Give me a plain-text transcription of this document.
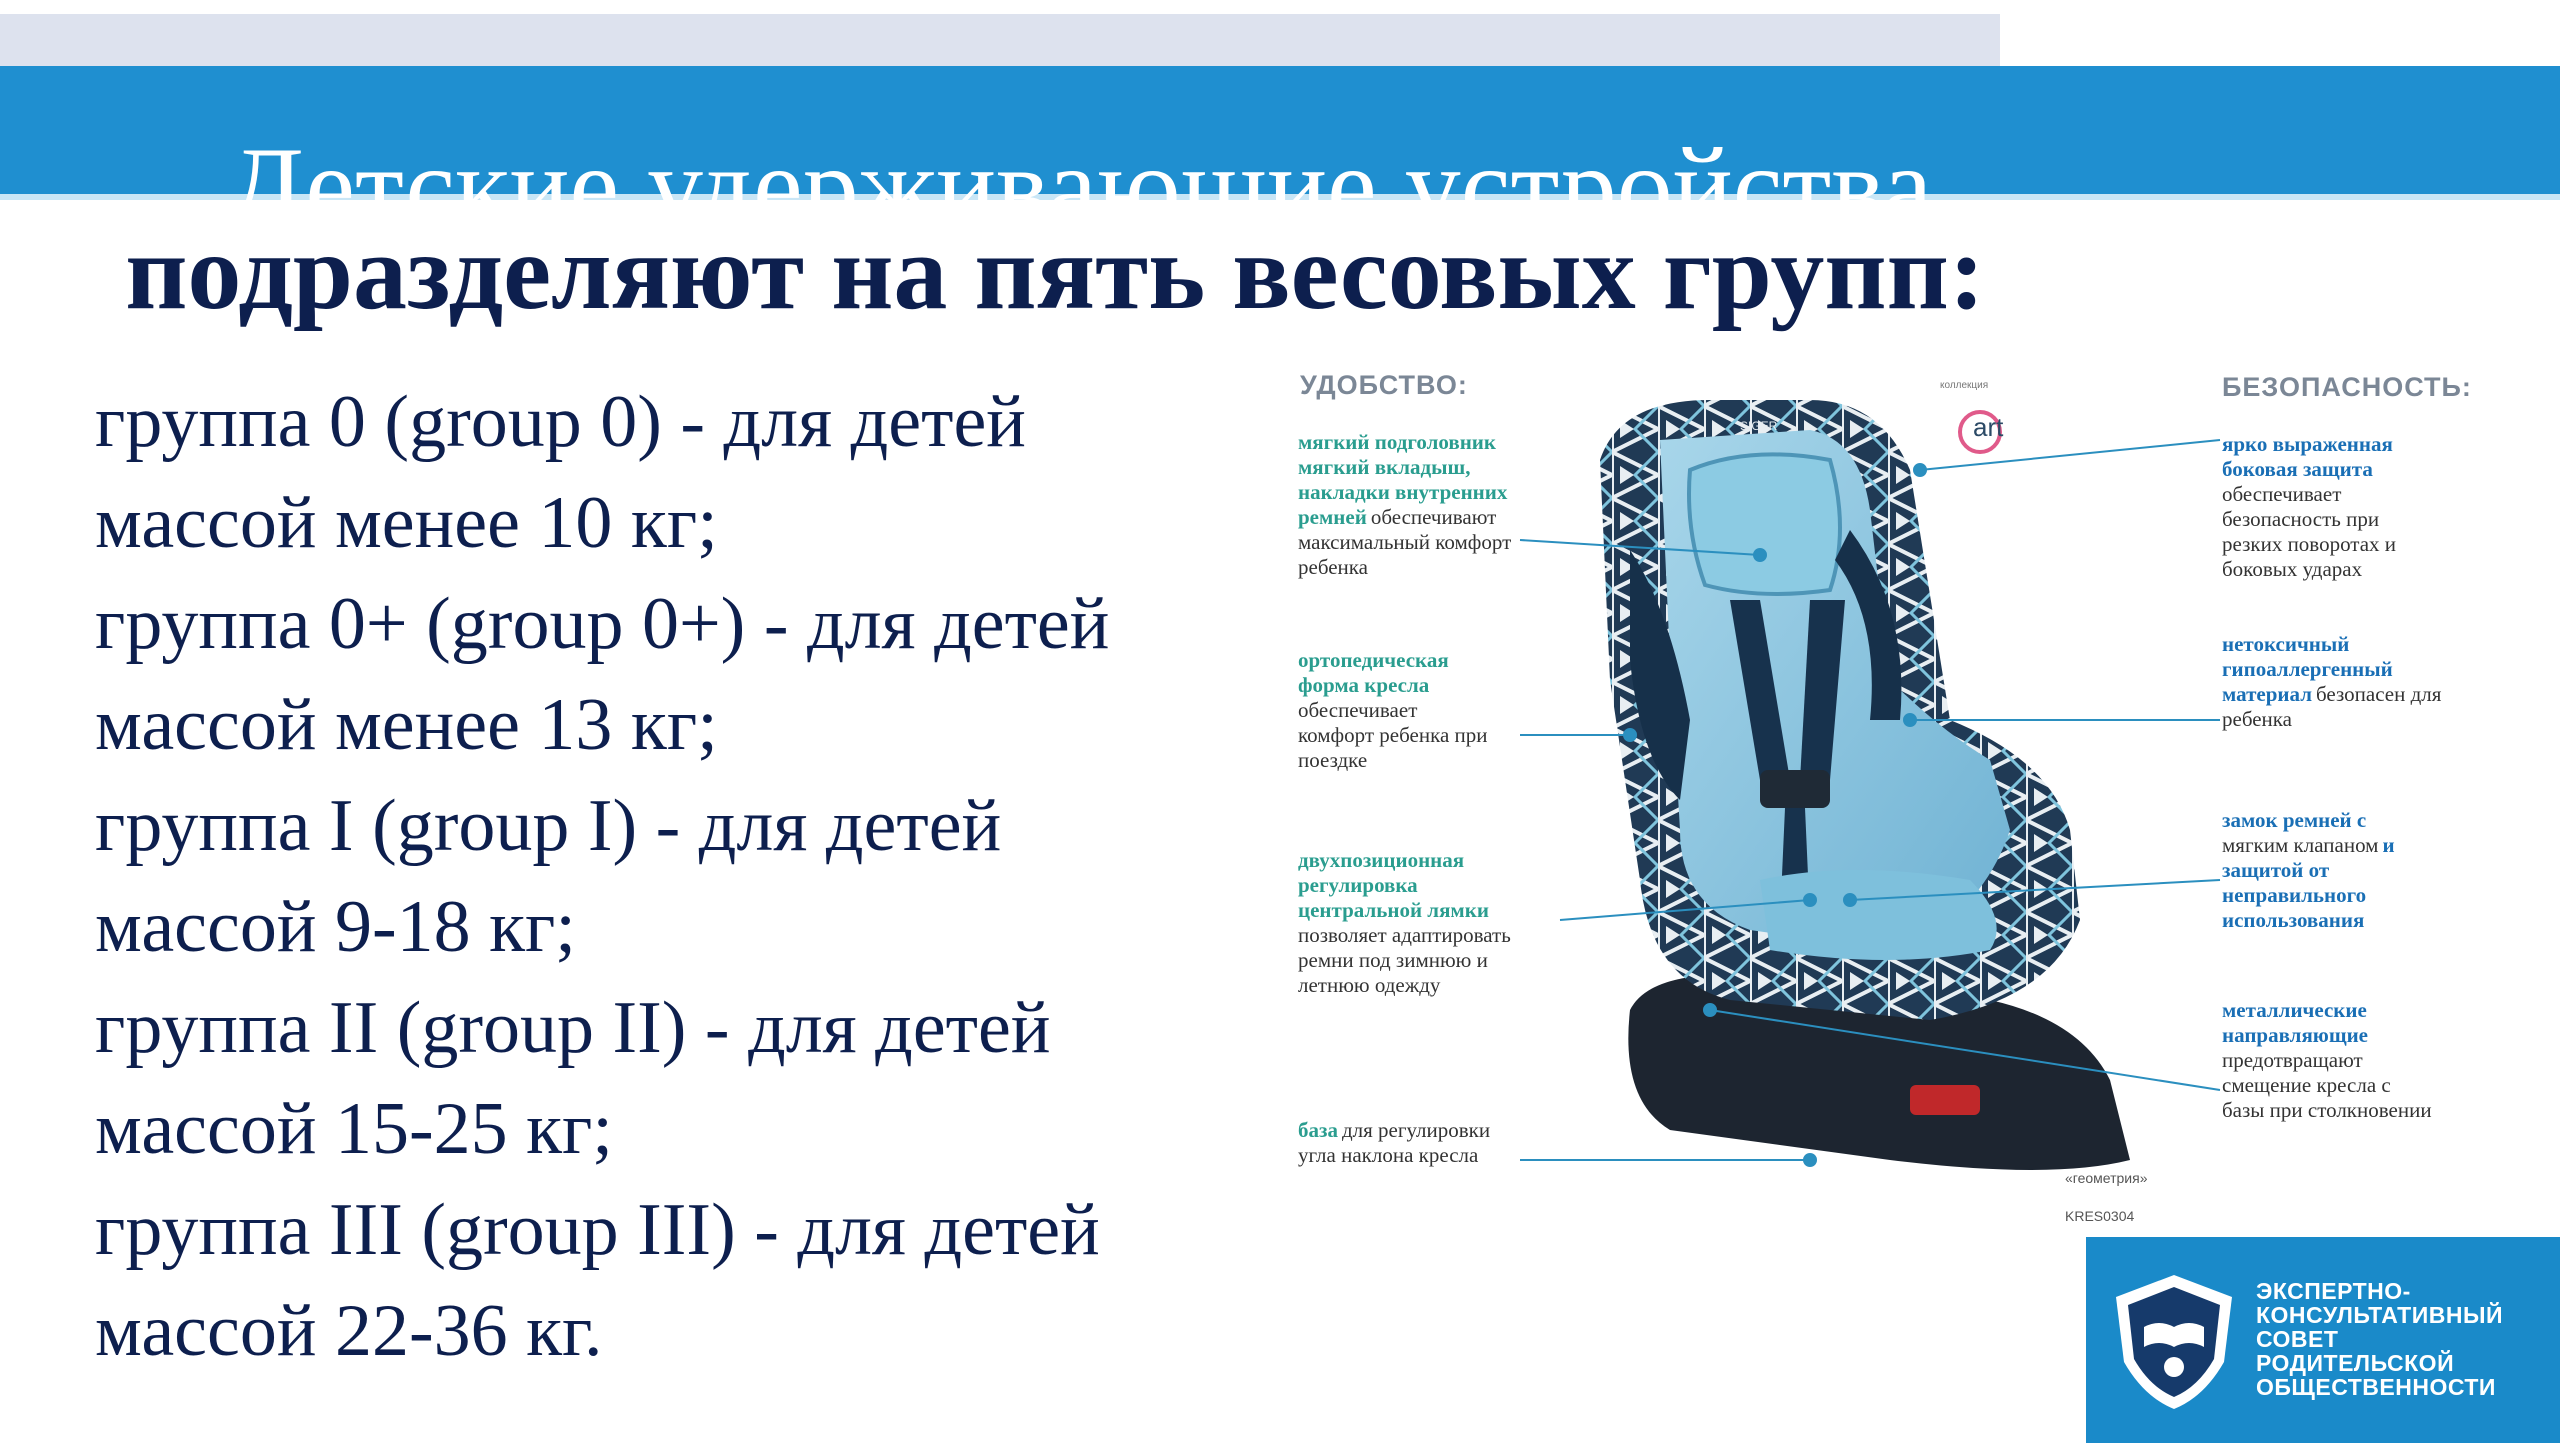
Детские удерживающие устройства
подразделяют на пять весовых групп:
группа 0 (group 0) - для детей
массой менее 10 кг;
группа 0+ (group 0+) - для детей
массой менее 13 кг;
группа I (group I) - для детей
массой 9-18 кг;
группа II (group II) - для детей
массой 15-25 кг;
группа III (group III) - для детей
массой 22-36 кг.
УДОБСТВО:	БЕЗОПАСНОСТЬ:
SIGER
коллекция
art
мягкий подголовник мягкий вкладыш, накладки внутренних ремней обеспечивают максимальный комфорт ребенка
ортопедическая форма кресла обеспечивает комфорт ребенка при поездке
двухпозиционная регулировка центральной лямки позволяет адаптировать ремни под зимнюю и летнюю одежду
база для регулировки угла наклона кресла
ярко выраженная боковая защита обеспечивает безопасность при резких поворотах и боковых ударах
нетоксичный гипоаллергенный материал безопасен для ребенка
замок ремней с мягким клапаном и защитой от неправильного использования
металлические направляющие предотвращают смещение кресла с базы при столкновении
«геометрия»
KRES0304
ЭКСПЕРТНО-
КОНСУЛЬТАТИВНЫЙ
СОВЕТ
РОДИТЕЛЬСКОЙ
ОБЩЕСТВЕННОСТИ
